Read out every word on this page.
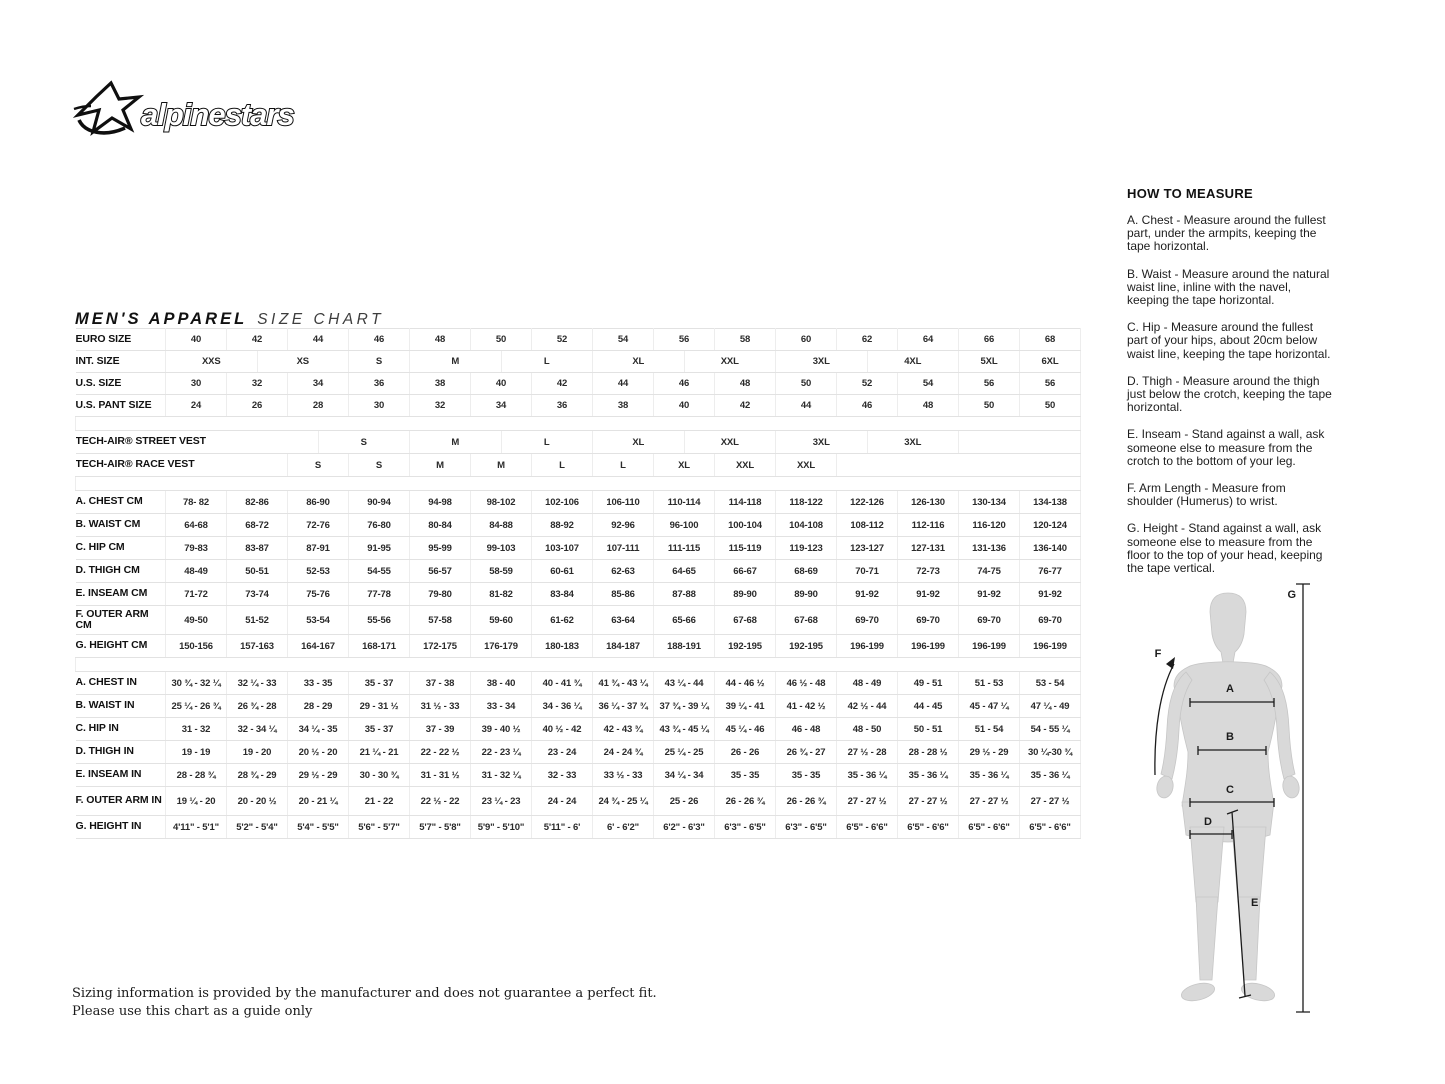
alpinestars
MEN'S APPAREL SIZE CHART
EURO SIZE	40	42		44		46	48	50		52	54	56		58	60	62		64	66	68
INT. SIZE	XXS		XS			S	M		L		XL		XXL		3XL		4XL		5XL	6XL
U.S. SIZE	30	32		34		36	38	40		42	44	46		48	50	52		54	56	56
U.S. PANT SIZE	24	26		28		30	32	34		36	38	40		42	44	46		48	50	50

TECH-AIR® STREET VEST					S		M		L		XL		XXL		3XL		3XL			
TECH-AIR® RACE VEST				S		S	M	M		L	L	XL		XXL	XXL					

A. CHEST CM	78- 82	82-86		86-90		90-94	94-98	98-102		102-106	106-110	110-114		114-118	118-122	122-126		126-130	130-134	134-138
B. WAIST CM	64-68	68-72		72-76		76-80	80-84	84-88		88-92	92-96	96-100		100-104	104-108	108-112		112-116	116-120	120-124
C. HIP CM	79-83	83-87		87-91		91-95	95-99	99-103		103-107	107-111	111-115		115-119	119-123	123-127		127-131	131-136	136-140
D. THIGH CM	48-49	50-51		52-53		54-55	56-57	58-59		60-61	62-63	64-65		66-67	68-69	70-71		72-73	74-75	76-77
E. INSEAM CM	71-72	73-74		75-76		77-78	79-80	81-82		83-84	85-86	87-88		89-90	89-90	91-92		91-92	91-92	91-92
F. OUTER ARM CM	49-50	51-52		53-54		55-56	57-58	59-60		61-62	63-64	65-66		67-68	67-68	69-70		69-70	69-70	69-70
G. HEIGHT CM	150-156	157-163		164-167		168-171	172-175	176-179		180-183	184-187	188-191		192-195	192-195	196-199		196-199	196-199	196-199

A. CHEST IN	30 ¾ - 32 ¼	32 ¼ - 33		33 - 35		35 - 37	37 - 38	38 - 40		40 - 41 ¾	41 ¾ - 43 ¼	43 ¼ - 44		44 - 46 ½	46 ½ - 48	48 - 49		49 - 51	51 - 53	53 - 54
B. WAIST IN	25 ¼ - 26 ¾	26 ¾ - 28		28 - 29		29 - 31 ½	31 ½ - 33	33 - 34		34 - 36 ¼	36 ¼ - 37 ¾	37 ¾ - 39 ¼		39 ¼ - 41	41 - 42 ½	42 ½ - 44		44 - 45	45 - 47 ¼	47 ¼ - 49
C. HIP IN	31 - 32	32 - 34 ¼		34 ¼ - 35		35 - 37	37 - 39	39 - 40 ½		40 ½ - 42	42 - 43 ¾	43 ¾ - 45 ¼		45 ¼ - 46	46 - 48	48 - 50		50 - 51	51 - 54	54 - 55 ¼
D. THIGH IN	19 - 19	19 - 20		20 ½ - 20		21 ¼ - 21	22 - 22 ½	22 - 23 ¼		23 - 24	24 - 24 ¾	25 ¼ - 25		26 - 26	26 ¾ - 27	27 ½ - 28		28 - 28 ½	29 ½ - 29	30 ¼-30 ¾
E. INSEAM IN	28 - 28 ¾	28 ¾ - 29		29 ½ - 29		30 - 30 ¾	31 - 31 ½	31 - 32 ¼		32 - 33	33 ½ - 33	34 ¼ - 34		35 - 35	35 - 35	35 - 36 ¼		35 - 36 ¼	35 - 36 ¼	35 - 36 ¼
F. OUTER ARM IN	19 ¼ - 20	20 - 20 ½		20 - 21 ¼		21 - 22	22 ½ - 22	23 ¼ - 23		24 - 24	24 ¾ - 25 ¼	25 - 26		26 - 26 ¾	26 - 26 ¾	27 - 27 ½		27 - 27 ½	27 - 27 ½	27 - 27 ½
G. HEIGHT IN	4'11" - 5'1"	5'2" - 5'4"		5'4" - 5'5"		5'6" - 5'7"	5'7" - 5'8"	5'9" - 5'10"		5'11" - 6'	6' - 6'2"	6'2" - 6'3"		6'3" - 6'5"	6'3" - 6'5"	6'5" - 6'6"		6'5" - 6'6"	6'5" - 6'6"	6'5" - 6'6"
HOW TO MEASURE

A. Chest - Measure around the fullest part, under the armpits, keeping the tape horizontal.

B. Waist - Measure around the natural waist line, inline with the navel, keeping the tape horizontal.

C. Hip - Measure around the fullest part of your hips, about 20cm below waist line, keeping the tape horizontal.

D. Thigh - Measure around the thigh just below the crotch, keeping the tape horizontal.

E. Inseam - Stand against a wall, ask someone else to measure from the crotch to the bottom of your leg.

F. Arm Length - Measure from shoulder (Humerus) to wrist.

G. Height - Stand against a wall, ask someone else to measure from the floor to the top of your head, keeping the tape vertical.

A
B
C
D
E
F
G

Sizing information is provided by the manufacturer and does not guarantee a perfect fit.

Please use this chart as a guide only
